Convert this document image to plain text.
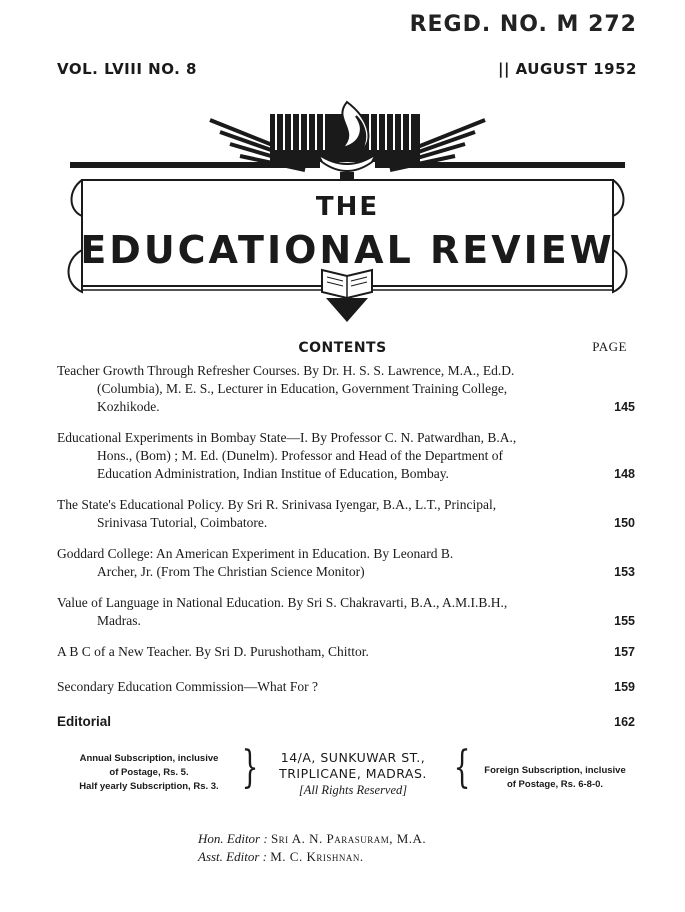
REGD. NO. M 272
VOL. LVIII NO. 8	|| AUGUST 1952
THE
EDUCATIONAL REVIEW
CONTENTS	PAGE
Teacher Growth Through Refresher Courses. By Dr. H. S. S. Lawrence, M.A., Ed.D.
(Columbia), M. E. S., Lecturer in Education, Government Training College,
Kozhikode.	145
Educational Experiments in Bombay State—I. By Professor C. N. Patwardhan, B.A.,
Hons., (Bom) ; M. Ed. (Dunelm). Professor and Head of the Department of
Education Administration, Indian Institue of Education, Bombay.	148
The State's Educational Policy. By Sri R. Srinivasa Iyengar, B.A., L.T., Principal,
Srinivasa Tutorial, Coimbatore.	150
Goddard College: An American Experiment in Education. By Leonard B.
Archer, Jr. (From The Christian Science Monitor)	153
Value of Language in National Education. By Sri S. Chakravarti, B.A., A.M.I.B.H.,
Madras.	155
A B C of a New Teacher. By Sri D. Purushotham, Chittor.	157
Secondary Education Commission—What For ?	159
Editorial	162
Annual Subscription, inclusive
of Postage, Rs. 5.
Half yearly Subscription, Rs. 3. }	14/A, SUNKUWAR ST.,
TRIPLICANE, MADRAS.
[All Rights Reserved]	{	Foreign Subscription, inclusive
of Postage, Rs. 6-8-0.
Hon. Editor : Sri A. N. Parasuram, M.A.
Asst. Editor : M. C. Krishnan.
